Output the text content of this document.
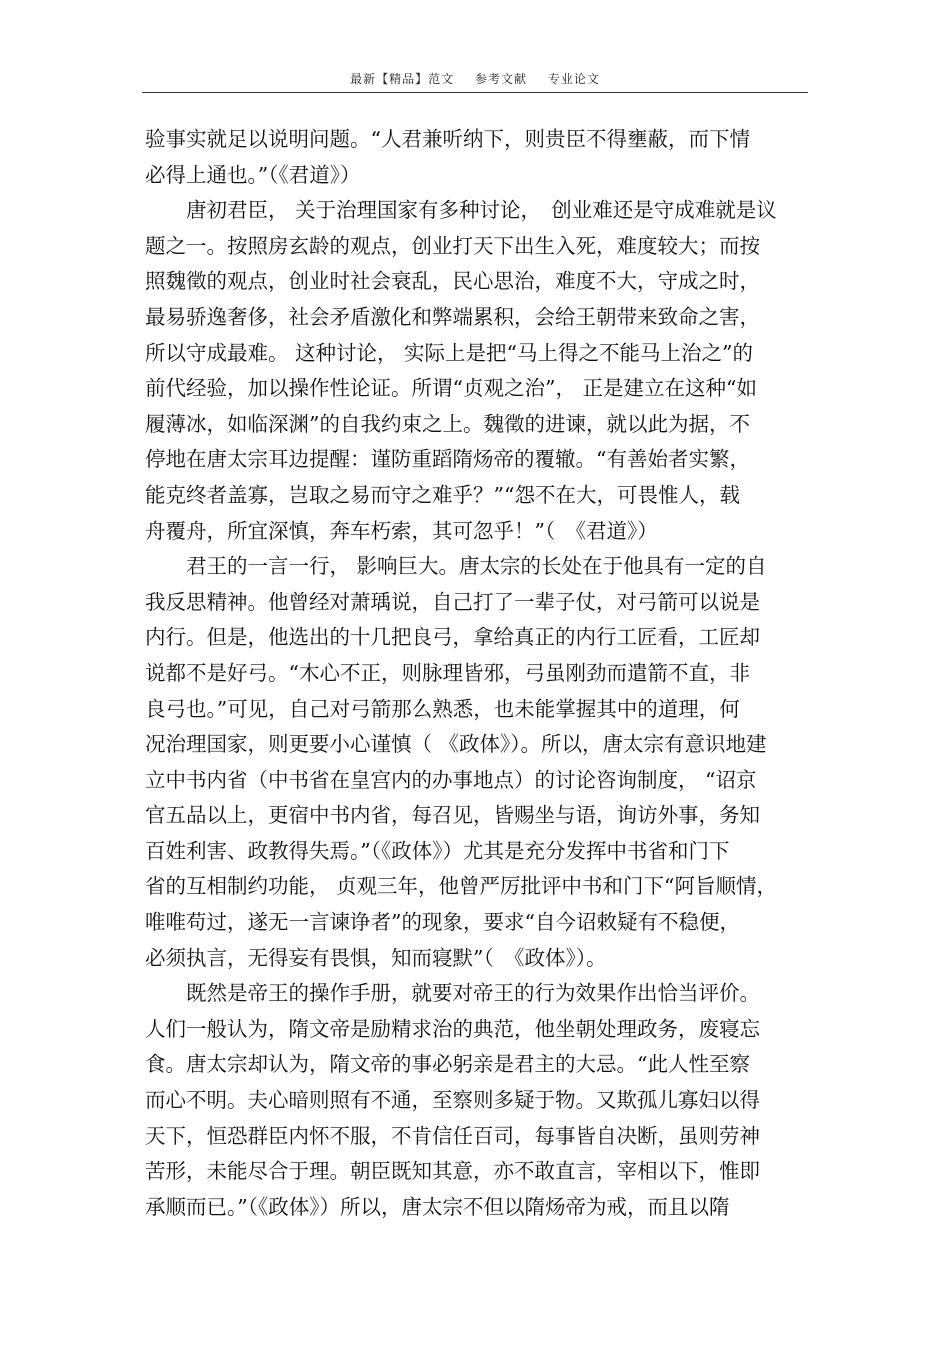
最新【精品】范文 参考文献 专业论文
验事实就足以说明问题。“人君兼听纳下，则贵臣不得壅蔽，而下情
必得上通也。”（《君道》）
　　唐初君臣， 关于治理国家有多种讨论，　创业难还是守成难就是议
题之一。按照房玄龄的观点，创业打天下出生入死，难度较大；而按
照魏徵的观点，创业时社会衰乱，民心思治，难度不大，守成之时，
最易骄逸奢侈，社会矛盾激化和弊端累积，会给王朝带来致命之害，
所以守成最难。 这种讨论， 实际上是把“马上得之不能马上治之”的
前代经验，加以操作性论证。所谓“贞观之治”， 正是建立在这种“如
履薄冰，如临深渊”的自我约束之上。魏徵的进谏，就以此为据，不
停地在唐太宗耳边提醒：谨防重蹈隋炀帝的覆辙。“有善始者实繁，
能克终者盖寡，岂取之易而守之难乎？”“怨不在大，可畏惟人，载
舟覆舟，所宜深慎，奔车朽索，其可忽乎！”（　《君道》）
　　君王的一言一行， 影响巨大。唐太宗的长处在于他具有一定的自
我反思精神。他曾经对萧瑀说，自己打了一辈子仗，对弓箭可以说是
内行。但是，他选出的十几把良弓，拿给真正的内行工匠看，工匠却
说都不是好弓。“木心不正，则脉理皆邪，弓虽刚劲而遣箭不直，非
良弓也。”可见，自己对弓箭那么熟悉，也未能掌握其中的道理，何
况治理国家，则更要小心谨慎（ 《政体》）。所以，唐太宗有意识地建
立中书内省（中书省在皇宫内的办事地点）的讨论咨询制度， “诏京
官五品以上，更宿中书内省，每召见，皆赐坐与语，询访外事，务知
百姓利害、政教得失焉。”（《政体》）尤其是充分发挥中书省和门下
省的互相制约功能， 贞观三年，他曾严厉批评中书和门下“阿旨顺情，
唯唯苟过，遂无一言谏诤者”的现象，要求“自今诏敕疑有不稳便，
必须执言，无得妄有畏惧，知而寝默”（　《政体》）。
　　既然是帝王的操作手册，就要对帝王的行为效果作出恰当评价。
人们一般认为，隋文帝是励精求治的典范，他坐朝处理政务，废寝忘
食。唐太宗却认为，隋文帝的事必躬亲是君主的大忌。“此人性至察
而心不明。夫心暗则照有不通，至察则多疑于物。又欺孤儿寡妇以得
天下，恒恐群臣内怀不服，不肯信任百司，每事皆自决断，虽则劳神
苦形，未能尽合于理。朝臣既知其意，亦不敢直言，宰相以下，惟即
承顺而已。”（《政体》）所以，唐太宗不但以隋炀帝为戒，而且以隋
